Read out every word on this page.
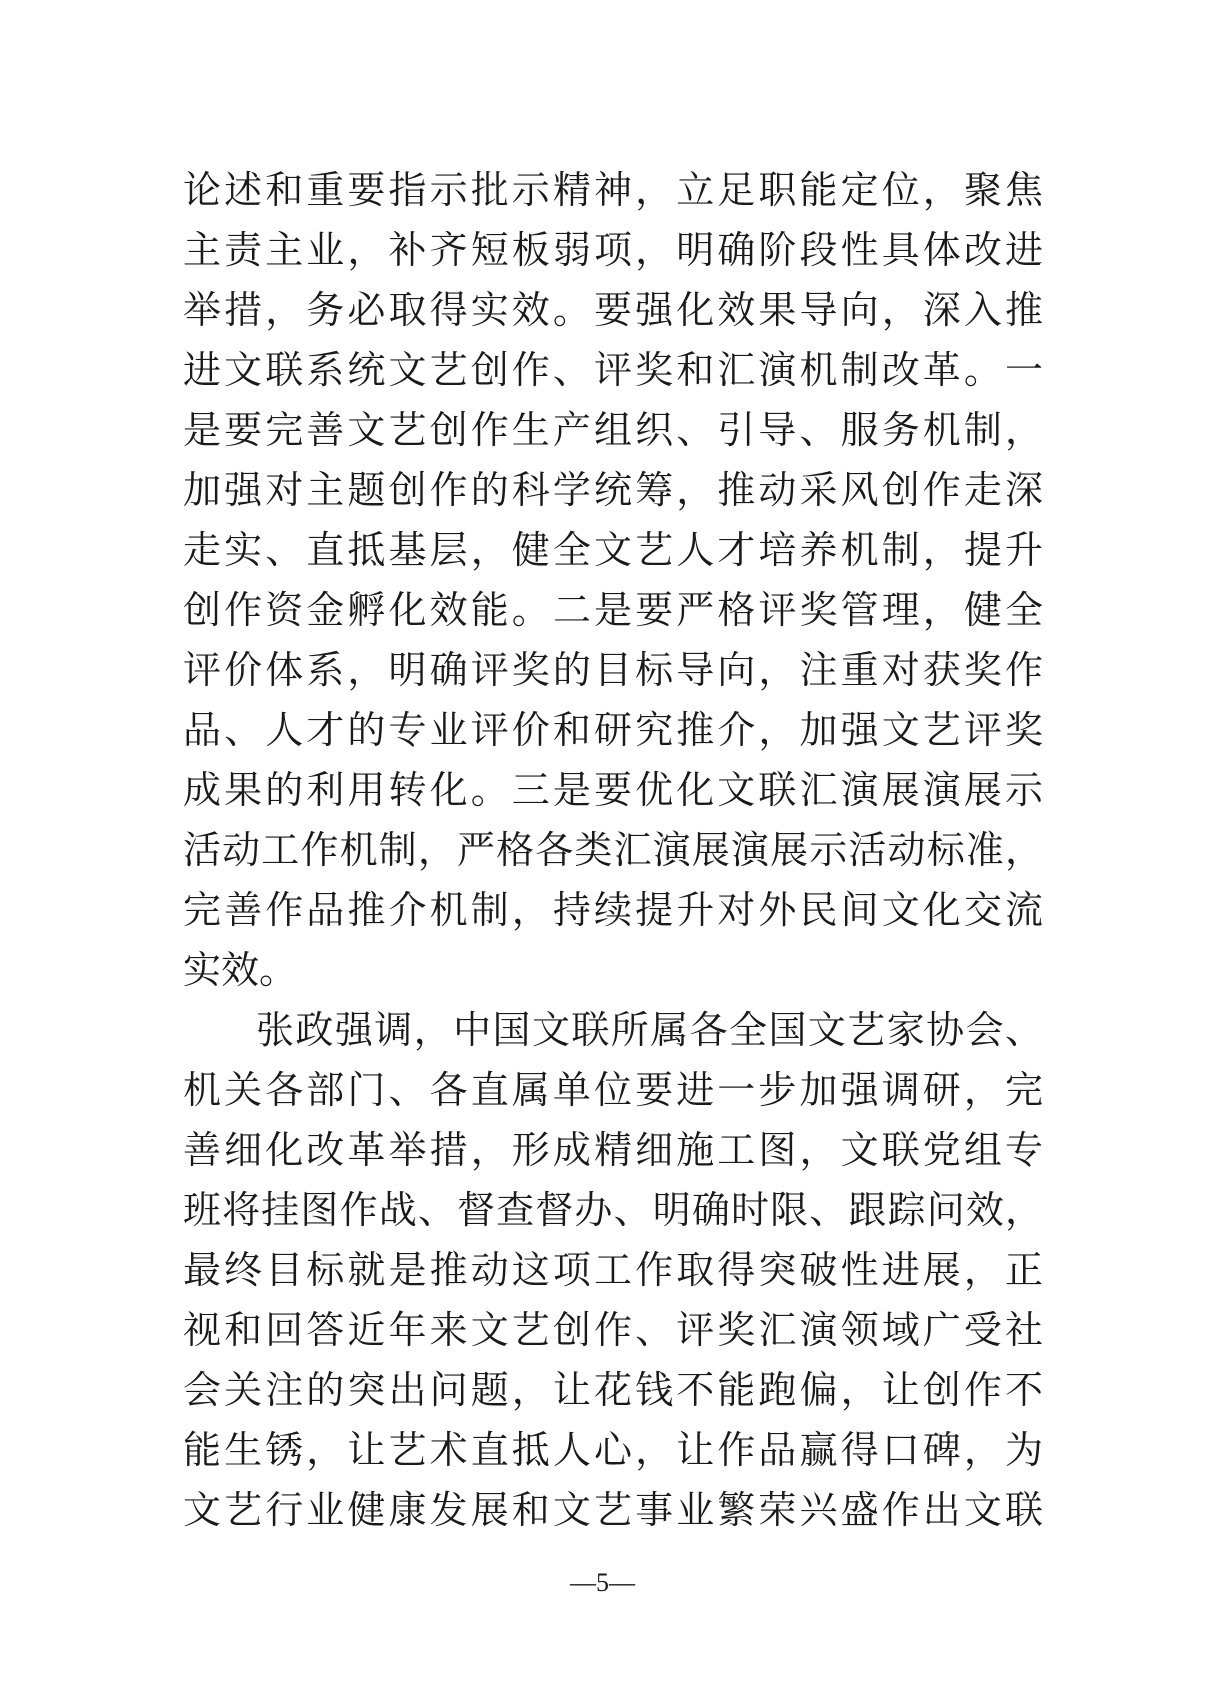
论述和重要指示批示精神，立足职能定位，聚焦
主责主业，补齐短板弱项，明确阶段性具体改进
举措，务必取得实效。要强化效果导向，深入推
进文联系统文艺创作、评奖和汇演机制改革。一
是要完善文艺创作生产组织、引导、服务机制，
加强对主题创作的科学统筹，推动采风创作走深
走实、直抵基层，健全文艺人才培养机制，提升
创作资金孵化效能。二是要严格评奖管理，健全
评价体系，明确评奖的目标导向，注重对获奖作
品、人才的专业评价和研究推介，加强文艺评奖
成果的利用转化。三是要优化文联汇演展演展示
活动工作机制，严格各类汇演展演展示活动标准，
完善作品推介机制，持续提升对外民间文化交流
实效。
张政强调，中国文联所属各全国文艺家协会、
机关各部门、各直属单位要进一步加强调研，完
善细化改革举措，形成精细施工图，文联党组专
班将挂图作战、督查督办、明确时限、跟踪问效，
最终目标就是推动这项工作取得突破性进展，正
视和回答近年来文艺创作、评奖汇演领域广受社
会关注的突出问题，让花钱不能跑偏，让创作不
能生锈，让艺术直抵人心，让作品赢得口碑，为
文艺行业健康发展和文艺事业繁荣兴盛作出文联
—5—
